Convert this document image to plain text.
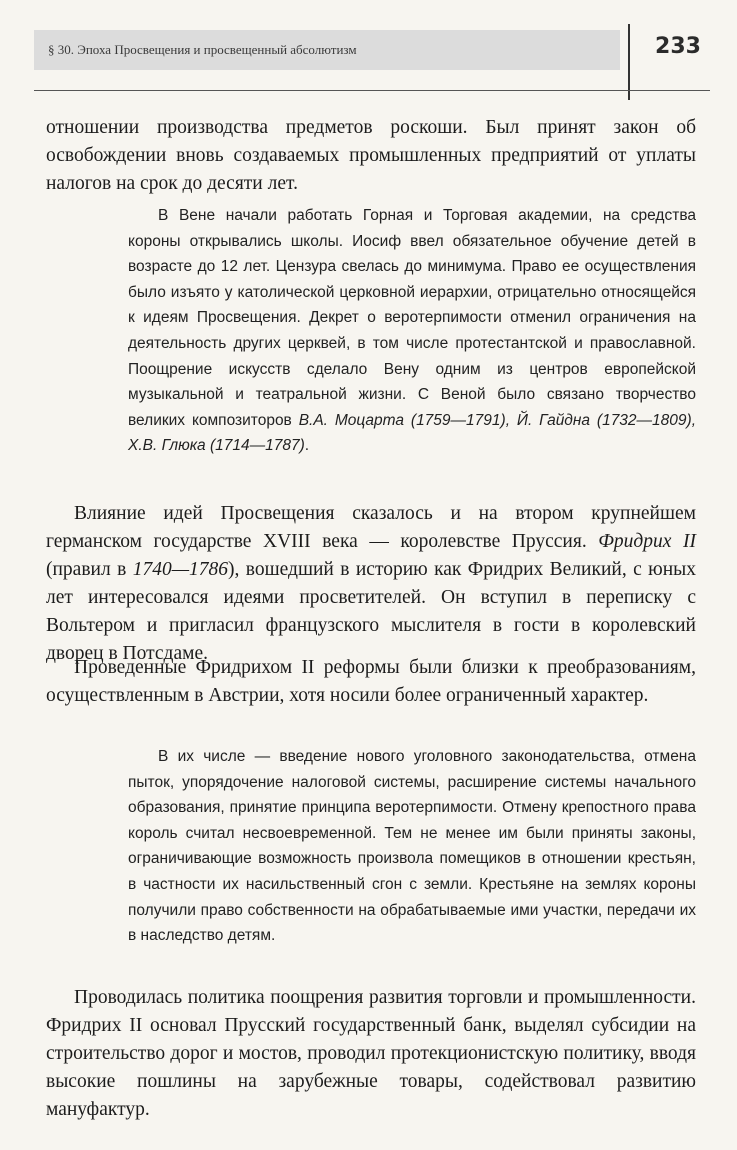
§ 30. Эпоха Просвещения и просвещенный абсолютизм	233

отношении производства предметов роскоши. Был принят закон об освобождении вновь создаваемых промышленных предприятий от уплаты налогов на срок до десяти лет.

В Вене начали работать Горная и Торговая академии, на средства короны открывались школы. Иосиф ввел обязательное обучение детей в возрасте до 12 лет. Цензура свелась до минимума. Право ее осуществления было изъято у католической церковной иерархии, отрицательно относящейся к идеям Просвещения. Декрет о веротерпимости отменил ограничения на деятельность других церквей, в том числе протестантской и православной. Поощрение искусств сделало Вену одним из центров европейской музыкальной и театральной жизни. С Веной было связано творчество великих композиторов В.А. Моцарта (1759—1791), Й. Гайдна (1732—1809), Х.В. Глюка (1714—1787).

Влияние идей Просвещения сказалось и на втором крупнейшем германском государстве XVIII века — королевстве Пруссия. Фридрих II (правил в 1740—1786), вошедший в историю как Фридрих Великий, с юных лет интересовался идеями просветителей. Он вступил в переписку с Вольтером и пригласил французского мыслителя в гости в королевский дворец в Потсдаме.

Проведенные Фридрихом II реформы были близки к преобразованиям, осуществленным в Австрии, хотя носили более ограниченный характер.

В их числе — введение нового уголовного законодательства, отмена пыток, упорядочение налоговой системы, расширение системы начального образования, принятие принципа веротерпимости. Отмену крепостного права король считал несвоевременной. Тем не менее им были приняты законы, ограничивающие возможность произвола помещиков в отношении крестьян, в частности их насильственный сгон с земли. Крестьяне на землях короны получили право собственности на обрабатываемые ими участки, передачи их в наследство детям.

Проводилась политика поощрения развития торговли и промышленности. Фридрих II основал Прусский государственный банк, выделял субсидии на строительство дорог и мостов, проводил протекционистскую политику, вводя высокие пошлины на зарубежные товары, содействовал развитию мануфактур.
